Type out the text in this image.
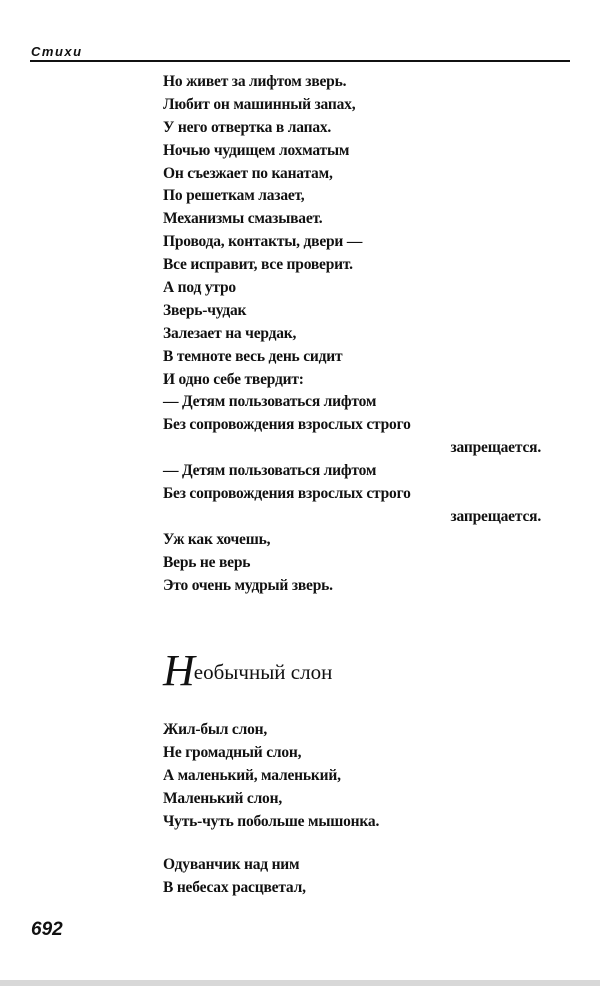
Стихи
Но живет за лифтом зверь.
Любит он машинный запах,
У него отвертка в лапах.
Ночью чудищем лохматым
Он съезжает по канатам,
По решеткам лазает,
Механизмы смазывает.
Провода, контакты, двери —
Все исправит, все проверит.
А под утро
Зверь-чудак
Залезает на чердак,
В темноте весь день сидит
И одно себе твердит:
— Детям пользоваться лифтом
Без сопровождения взрослых строго
запрещается.
— Детям пользоваться лифтом
Без сопровождения взрослых строго
запрещается.
Уж как хочешь,
Верь не верь
Это очень мудрый зверь.
Необычный слон
Жил-был слон,
Не громадный слон,
А маленький, маленький,
Маленький слон,
Чуть-чуть побольше мышонка.
Одуванчик над ним
В небесах расцветал,
692
